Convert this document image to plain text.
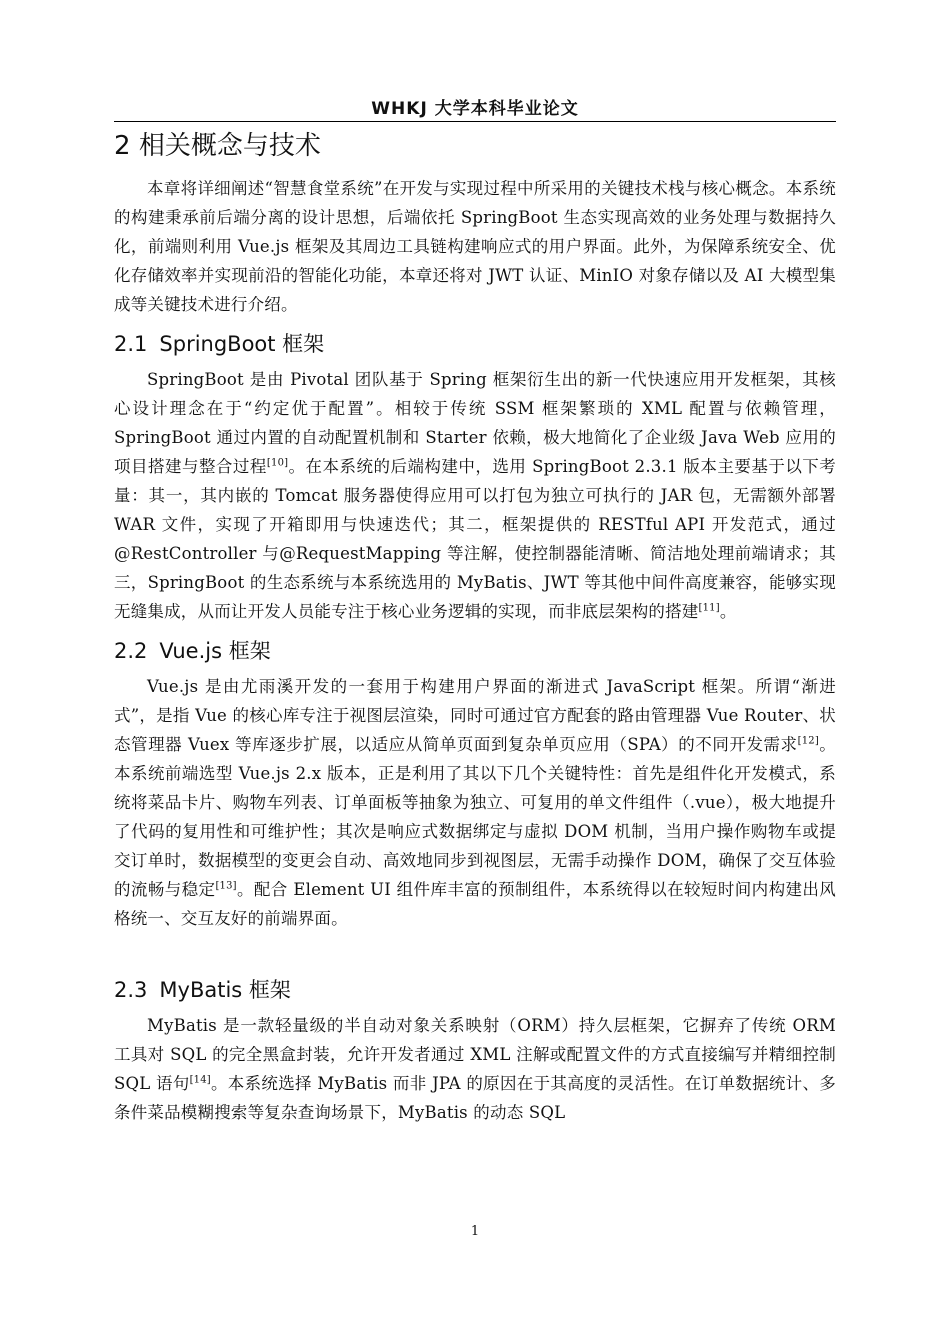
WHKJ 大学本科毕业论文
2 相关概念与技术

本章将详细阐述“智慧食堂系统”在开发与实现过程中所采用的关键技术栈与核心概念。本系统的构建秉承前后端分离的设计思想，后端依托 SpringBoot 生态实现高效的业务处理与数据持久化，前端则利用 Vue.js 框架及其周边工具链构建响应式的用户界面。此外，为保障系统安全、优化存储效率并实现前沿的智能化功能，本章还将对 JWT 认证、MinIO 对象存储以及 AI 大模型集成等关键技术进行介绍。

2.1 SpringBoot 框架

SpringBoot 是由 Pivotal 团队基于 Spring 框架衍生出的新一代快速应用开发框架，其核心设计理念在于“约定优于配置”。相较于传统 SSM 框架繁琐的 XML 配置与依赖管理，SpringBoot 通过内置的自动配置机制和 Starter 依赖，极大地简化了企业级 Java Web 应用的项目搭建与整合过程[10]。在本系统的后端构建中，选用 SpringBoot 2.3.1 版本主要基于以下考量：其一，其内嵌的 Tomcat 服务器使得应用可以打包为独立可执行的 JAR 包，无需额外部署 WAR 文件，实现了开箱即用与快速迭代；其二，框架提供的 RESTful API 开发范式，通过@RestController 与@RequestMapping 等注解，使控制器能清晰、简洁地处理前端请求；其三，SpringBoot 的生态系统与本系统选用的 MyBatis、JWT 等其他中间件高度兼容，能够实现无缝集成，从而让开发人员能专注于核心业务逻辑的实现，而非底层架构的搭建[11]。

2.2 Vue.js 框架

Vue.js 是由尤雨溪开发的一套用于构建用户界面的渐进式 JavaScript 框架。所谓“渐进式”，是指 Vue 的核心库专注于视图层渲染，同时可通过官方配套的路由管理器 Vue Router、状态管理器 Vuex 等库逐步扩展，以适应从简单页面到复杂单页应用（SPA）的不同开发需求[12]。本系统前端选型 Vue.js 2.x 版本，正是利用了其以下几个关键特性：首先是组件化开发模式，系统将菜品卡片、购物车列表、订单面板等抽象为独立、可复用的单文件组件（.vue），极大地提升了代码的复用性和可维护性；其次是响应式数据绑定与虚拟 DOM 机制，当用户操作购物车或提交订单时，数据模型的变更会自动、高效地同步到视图层，无需手动操作 DOM，确保了交互体验的流畅与稳定[13]。配合 Element UI 组件库丰富的预制组件，本系统得以在较短时间内构建出风格统一、交互友好的前端界面。

2.3 MyBatis 框架

MyBatis 是一款轻量级的半自动对象关系映射（ORM）持久层框架，它摒弃了传统 ORM 工具对 SQL 的完全黑盒封装，允许开发者通过 XML 注解或配置文件的方式直接编写并精细控制 SQL 语句[14]。本系统选择 MyBatis 而非 JPA 的原因在于其高度的灵活性。在订单数据统计、多条件菜品模糊搜索等复杂查询场景下，MyBatis 的动态 SQL

1
